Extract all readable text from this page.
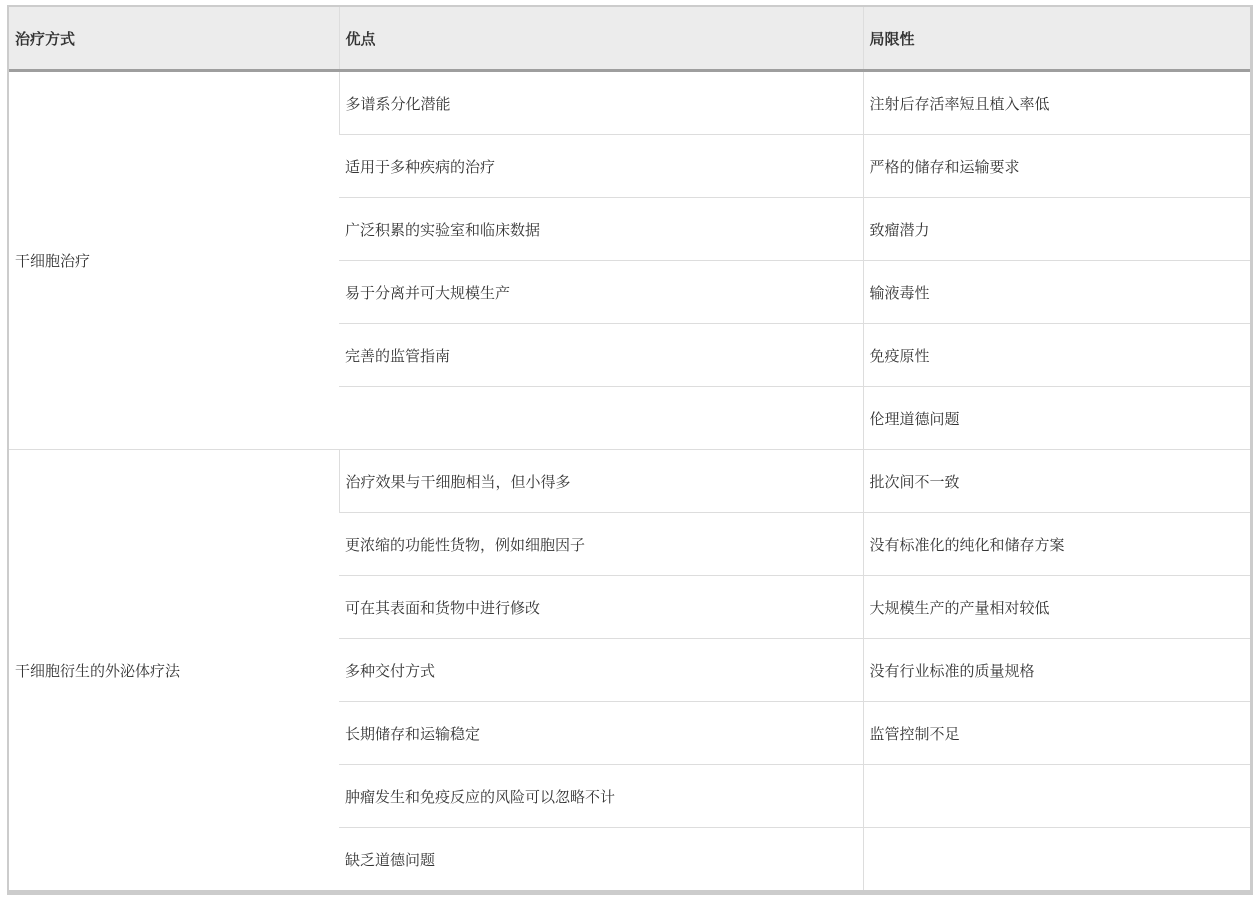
治疗方式	优点	局限性
干细胞治疗	多谱系分化潜能	注射后存活率短且植入率低
	适用于多种疾病的治疗	严格的储存和运输要求
	广泛积累的实验室和临床数据	致瘤潜力
	易于分离并可大规模生产	输液毒性
	完善的监管指南	免疫原性
		伦理道德问题
干细胞衍生的外泌体疗法	治疗效果与干细胞相当，但小得多	批次间不一致
	更浓缩的功能性货物，例如细胞因子	没有标准化的纯化和储存方案
	可在其表面和货物中进行修改	大规模生产的产量相对较低
	多种交付方式	没有行业标准的质量规格
	长期储存和运输稳定	监管控制不足
	肿瘤发生和免疫反应的风险可以忽略不计	
	缺乏道德问题	
